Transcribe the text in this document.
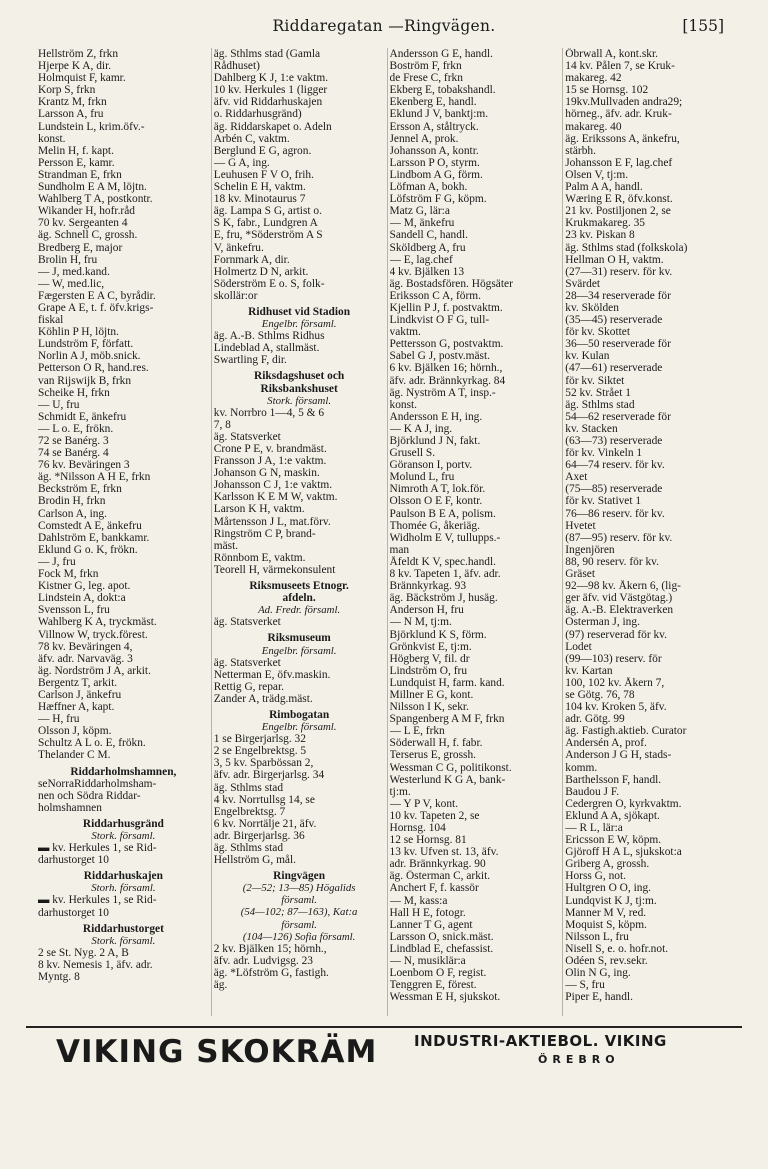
Riddaregatan —Ringvägen.	[155]
Hellström Z, frkn
Hjerpe K A, dir.
Holmquist F, kamr.
Korp S, frkn
Krantz M, frkn
Larsson A, fru
Lundstein L, krim.öfv.-
konst.
Melin H, f. kapt.
Persson E, kamr.
Strandman E, frkn
Sundholm E A M, löjtn.
Wahlberg T A, postkontr.
Wikander H, hofr.råd
70 kv. Sergeanten 4
äg. Schnell C, grossh.
Bredberg E, major
Brolin H, fru
— J, med.kand.
— W, med.lic,
Fægersten E A C, byrådir.
Grape A E, t. f. öfv.krigs-
fiskal
Köhlin P H, löjtn.
Lundström F, författ.
Norlin A J, möb.snick.
Petterson O R, hand.res.
van Rijswijk B, frkn
Scheike H, frkn
— U, fru
Schmidt E, änkefru
— L o. E, frökn.
72 se Banérg. 3
74 se Banérg. 4
76 kv. Beväringen 3
äg. *Nilsson A H E, frkn
Beckström E, frkn
Brodin H, frkn
Carlson A, ing.
Comstedt A E, änkefru
Dahlström E, bankkamr.
Eklund G o. K, frökn.
— J, fru
Fock M, frkn
Kistner G, leg. apot.
Lindstein A, dokt:a
Svensson L, fru
Wahlberg K A, tryckmäst.
Villnow W, tryck.förest.
78 kv. Beväringen 4,
äfv. adr. Narvaväg. 3
äg. Nordström J A, arkit.
Bergentz T, arkit.
Carlson J, änkefru
Hæffner A, kapt.
— H, fru
Olsson J, köpm.
Schultz A L o. E, frökn.
Thelander C M.
Riddarholmshamnen,
seNorraRiddarholmsham-
nen och Södra Riddar-
holmshamnen
Riddarhusgränd
Stork. församl.
▬ kv. Herkules 1, se Rid-
darhustorget 10
Riddarhuskajen
Storh. församl.
▬ kv. Herkules 1, se Rid-
darhustorget 10
Riddarhustorget
Stork. församl.
2 se St. Nyg. 2 A, B
8 kv. Nemesis 1, äfv. adr.
Myntg. 8
äg. Sthlms stad (Gamla
Rådhuset)
Dahlberg K J, 1:e vaktm.
10 kv. Herkules 1 (ligger
äfv. vid Riddarhuskajen
o. Riddarhusgränd)
äg. Riddarskapet o. Adeln
Arbén C, vaktm.
Berglund E G, agron.
— G A, ing.
Leuhusen F V O, frih.
Schelin E H, vaktm.
18 kv. Minotaurus 7
äg. Lampa S G, artist o.
S K, fabr., Lundgren A
E, fru, *Söderström A S
V, änkefru.
Fornmark A, dir.
Holmertz D N, arkit.
Söderström E o. S, folk-
skollär:or
Ridhuset vid Stadion
Engelbr. församl.
äg. A.-B. Sthlms Ridhus
Lindeblad A, stallmäst.
Swartling F, dir.
Riksdagshuset och
Riksbankshuset
Stork. församl.
kv. Norrbro 1—4, 5 & 6
7, 8
äg. Statsverket
Crone P E, v. brandmäst.
Fransson J A, 1:e vaktm.
Johanson G N, maskin.
Johansson C J, 1:e vaktm.
Karlsson K E M W, vaktm.
Larson K H, vaktm.
Mårtensson J L, mat.förv.
Ringström C P, brand-
mäst.
Rönnbom E, vaktm.
Teorell H, värmekonsulent
Riksmuseets Etnogr.
afdeln.
Ad. Fredr. församl.
äg. Statsverket
Riksmuseum
Engelbr. församl.
äg. Statsverket
Netterman E, öfv.maskin.
Rettig G, repar.
Zander A, trädg.mäst.
Rimbogatan
Engelbr. församl.
1 se Birgerjarlsg. 32
2 se Engelbrektsg. 5
3, 5 kv. Sparbössan 2,
äfv. adr. Birgerjarlsg. 34
äg. Sthlms stad
4 kv. Norrtullsg 14, se
Engelbrektsg. 7
6 kv. Norrtälje 21, äfv.
adr. Birgerjarlsg. 36
äg. Sthlms stad
Hellström G, mål.
Ringvägen
(2—52; 13—85) Högalids
församl.
(54—102; 87—163), Kat:a
församl.
(104—126) Sofia församl.
2 kv. Bjälken 15; hörnh.,
äfv. adr. Ludvigsg. 23
äg. *Löfström G, fastigh.
äg.
Andersson G E, handl.
Boström F, frkn
de Frese C, frkn
Ekberg E, tobakshandl.
Ekenberg E, handl.
Eklund J V, banktj:m.
Ersson A, ståltryck.
Jennel A, prok.
Johansson A, kontr.
Larsson P O, styrm.
Lindbom A G, förm.
Löfman A, bokh.
Löfström F G, köpm.
Matz G, lär:a
— M, änkefru
Sandell C, handl.
Sköldberg A, fru
— E, lag.chef
4 kv. Bjälken 13
äg. Bostadsfören. Högsäter
Eriksson C A, förm.
Kjellin P J, f. postvaktm.
Lindkvist O F G, tull-
vaktm.
Pettersson G, postvaktm.
Sabel G J, postv.mäst.
6 kv. Bjälken 16; hörnh.,
äfv. adr. Brännkyrkag. 84
äg. Nyström A T, insp.-
konst.
Andersson E H, ing.
— K A J, ing.
Björklund J N, fakt.
Grusell S.
Göranson I, portv.
Molund L, fru
Nimroth A T, lok.för.
Olsson O E F, kontr.
Paulson B E A, polism.
Thomée G, åkeriäg.
Widholm E V, tullupps.-
man
Åfeldt K V, spec.handl.
8 kv. Tapeten 1, äfv. adr.
Brännkyrkag. 93
äg. Bäckström J, husäg.
Anderson H, fru
— N M, tj:m.
Björklund K S, förm.
Grönkvist E, tj:m.
Högberg V, fil. dr
Lindström O, fru
Lundquist H, farm. kand.
Millner E G, kont.
Nilsson I K, sekr.
Spangenberg A M F, frkn
— L E, frkn
Söderwall H, f. fabr.
Terserus E, grossh.
Wessman C G, politikonst.
Westerlund K G A, bank-
tj:m.
— Y P V, kont.
10 kv. Tapeten 2, se
Hornsg. 104
12 se Hornsg. 81
13 kv. Ufven st. 13, äfv.
adr. Brännkyrkag. 90
äg. Österman C, arkit.
Anchert F, f. kassör
— M, kass:a
Hall H E, fotogr.
Lanner T G, agent
Larsson O, snick.mäst.
Lindblad E, chefassist.
— N, musiklär:a
Loenbom O F, regist.
Tenggren E, förest.
Wessman E H, sjukskot.
Öbrwall A, kont.skr.
14 kv. Pålen 7, se Kruk-
makareg. 42
15 se Hornsg. 102
19kv.Mullvaden andra29;
hörneg., äfv. adr. Kruk-
makareg. 40
äg. Erikssons A, änkefru,
stärbh.
Johansson E F, lag.chef
Olsen V, tj:m.
Palm A A, handl.
Wæring E R, öfv.konst.
21 kv. Postiljonen 2, se
Krukmakareg. 35
23 kv. Piskan 8
äg. Sthlms stad (folkskola)
Hellman O H, vaktm.
(27—31) reserv. för kv.
Svärdet
28—34 reserverade för
kv. Skölden
(35—45) reserverade
för kv. Skottet
36—50 reserverade för
kv. Kulan
(47—61) reserverade
för kv. Siktet
52 kv. Strået 1
äg. Sthlms stad
54—62 reserverade för
kv. Stacken
(63—73) reserverade
för kv. Vinkeln 1
64—74 reserv. för kv.
Axet
(75—85) reserverade
för kv. Stativet 1
76—86 reserv. för kv.
Hvetet
(87—95) reserv. för kv.
Ingenjören
88, 90 reserv. för kv.
Gräset
92—98 kv. Åkern 6, (lig-
ger äfv. vid Västgötag.)
äg. A.-B. Elektraverken
Osterman J, ing.
(97) reserverad för kv.
Lodet
(99—103) reserv. för
kv. Kartan
100, 102 kv. Åkern 7,
se Götg. 76, 78
104 kv. Kroken 5, äfv.
adr. Götg. 99
äg. Fastigh.aktieb. Curator
Andersén A, prof.
Anderson J G H, stads-
komm.
Barthelsson F, handl.
Baudou J F.
Cedergren O, kyrkvaktm.
Eklund A A, sjökapt.
— R L, lär:a
Ericsson E W, köpm.
Gjöroff H A L, sjukskot:a
Griberg A, grossh.
Horss G, not.
Hultgren O O, ing.
Lundqvist K J, tj:m.
Manner M V, red.
Moquist S, köpm.
Nilsson L, fru
Nisell S, e. o. hofr.not.
Odéen S, rev.sekr.
Olin N G, ing.
— S, fru
Piper E, handl.
VIKING SKOKRÄM INDUSTRI-AKTIEBOL. VIKING
ÖREBRO
